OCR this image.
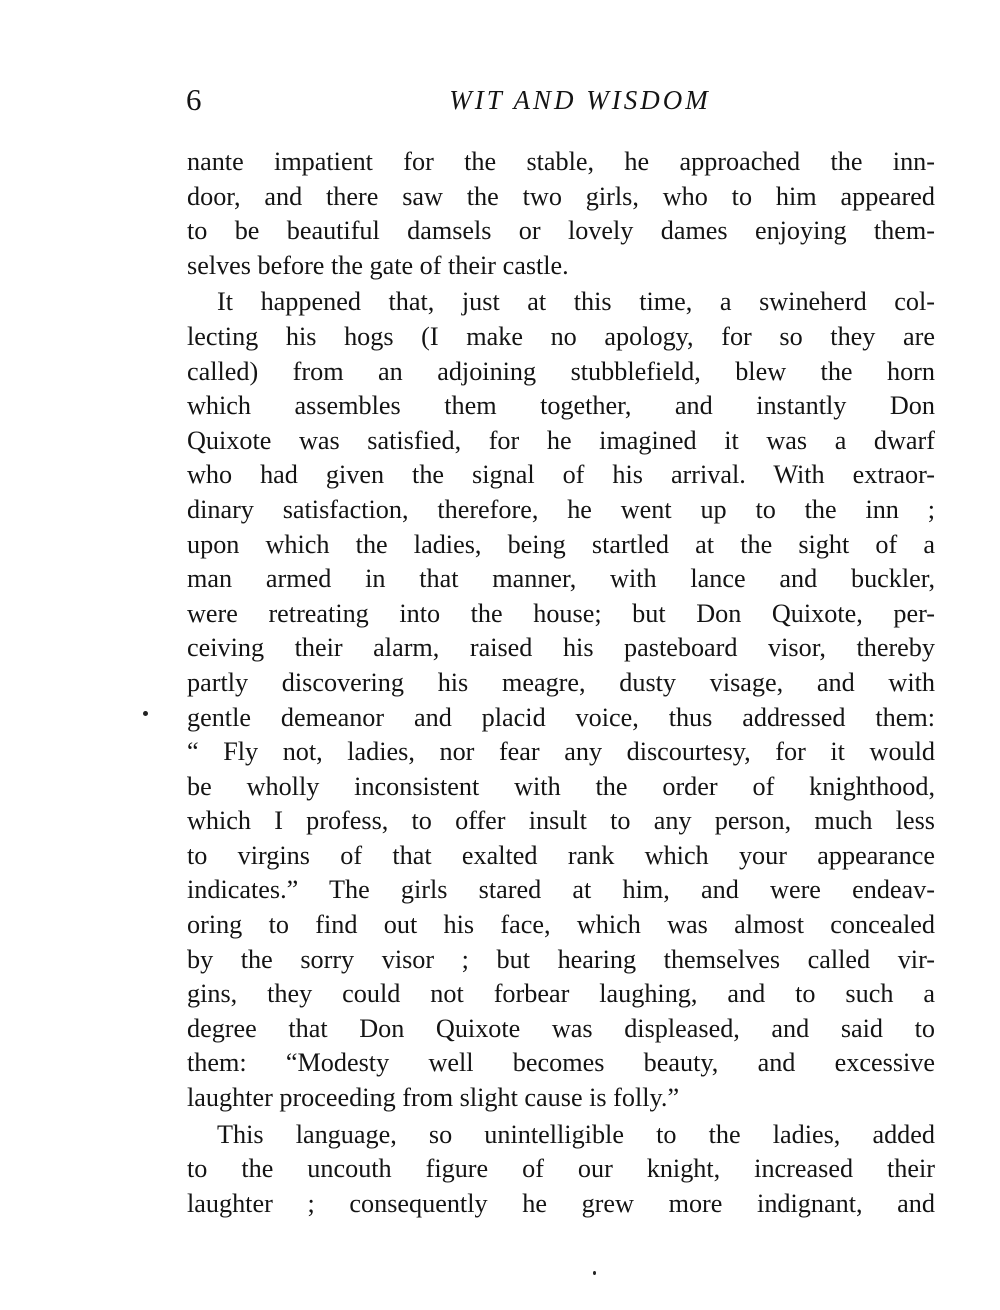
6	WIT AND WISDOM
nante impatient for the stable, he approached the inn-
door, and there saw the two girls, who to him appeared
to be beautiful damsels or lovely dames enjoying them-
selves before the gate of their castle.
It happened that, just at this time, a swineherd col-
lecting his hogs (I make no apology, for so they are
called) from an adjoining stubblefield, blew the horn
which assembles them together, and instantly Don
Quixote was satisfied, for he imagined it was a dwarf
who had given the signal of his arrival. With extraor-
dinary satisfaction, therefore, he went up to the inn ;
upon which the ladies, being startled at the sight of a
man armed in that manner, with lance and buckler,
were retreating into the house; but Don Quixote, per-
ceiving their alarm, raised his pasteboard visor, thereby
partly discovering his meagre, dusty visage, and with
gentle demeanor and placid voice, thus addressed them:
“ Fly not, ladies, nor fear any discourtesy, for it would
be wholly inconsistent with the order of knighthood,
which I profess, to offer insult to any person, much less
to virgins of that exalted rank which your appearance
indicates.” The girls stared at him, and were endeav-
oring to find out his face, which was almost concealed
by the sorry visor ; but hearing themselves called vir-
gins, they could not forbear laughing, and to such a
degree that Don Quixote was displeased, and said to
them: “Modesty well becomes beauty, and excessive
laughter proceeding from slight cause is folly.”
This language, so unintelligible to the ladies, added
to the uncouth figure of our knight, increased their
laughter ; consequently he grew more indignant, and
